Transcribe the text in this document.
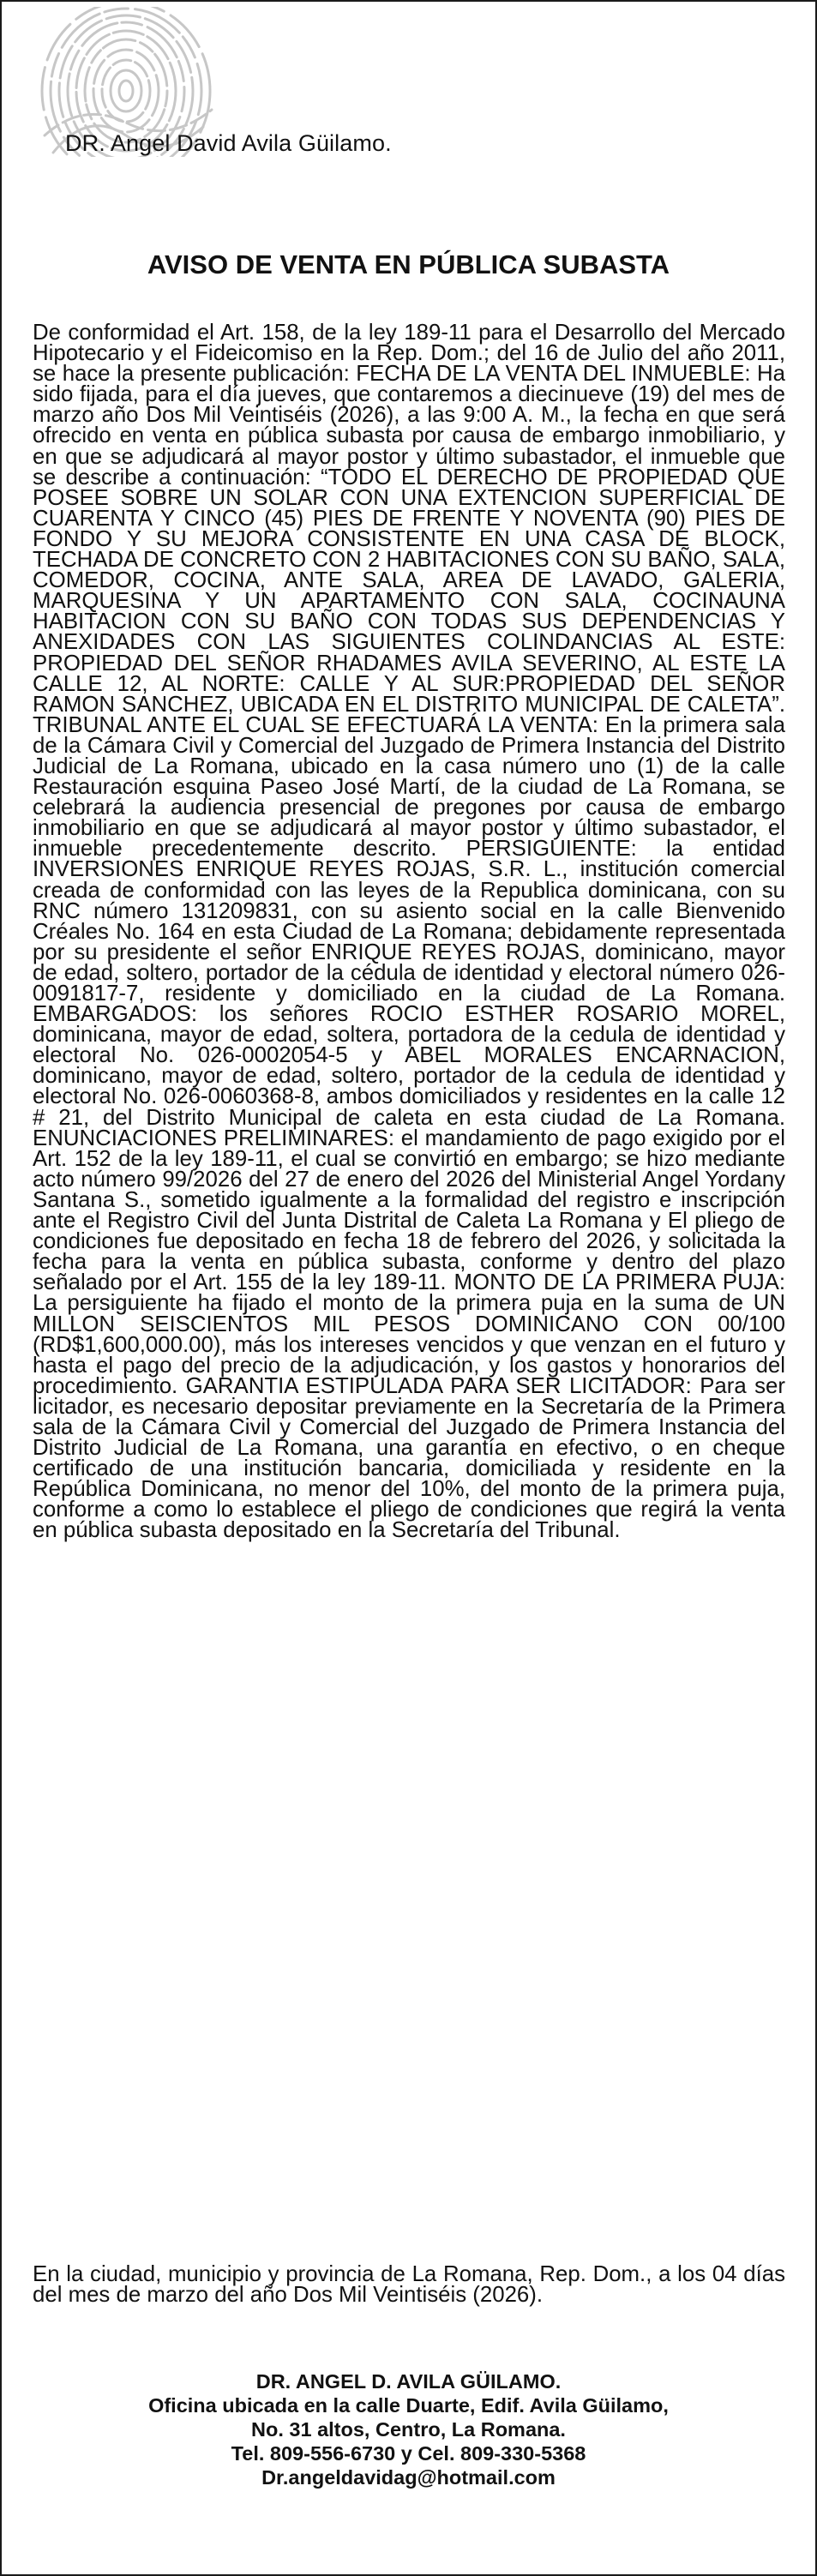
DR. Angel David Avila Güilamo.
AVISO DE VENTA EN PÚBLICA SUBASTA
De conformidad el Art. 158, de la ley 189-11 para el Desarrollo del Mercado Hipotecario y el Fideicomiso en la Rep. Dom.; del 16 de Julio del año 2011, se hace la presente publicación: FECHA DE LA VENTA DEL INMUEBLE: Ha sido fijada, para el día jueves, que contaremos a diecinueve (19) del mes de marzo año Dos Mil Veintiséis (2026), a las 9:00 A. M., la fecha en que será ofrecido en venta en pública subasta por causa de embargo inmobiliario, y en que se adjudicará al mayor postor y último subastador, el inmueble que se describe a continuación: “TODO EL DERECHO DE PROPIEDAD QUE POSEE SOBRE UN SOLAR CON UNA EXTENCION SUPERFICIAL DE CUARENTA Y CINCO (45) PIES DE FRENTE Y NOVENTA (90) PIES DE FONDO Y SU MEJORA CONSISTENTE EN UNA CASA DE BLOCK, TECHADA DE CONCRETO CON 2 HABITACIONES CON SU BAÑO, SALA, COMEDOR, COCINA, ANTE SALA, AREA DE LAVADO, GALERIA, MARQUESINA Y UN APARTAMENTO CON SALA, COCINAUNA HABITACION CON SU BAÑO CON TODAS SUS DEPENDENCIAS Y ANEXIDADES CON LAS SIGUIENTES COLINDANCIAS AL ESTE: PROPIEDAD DEL SEÑOR RHADAMES AVILA SEVERINO, AL ESTE LA CALLE 12, AL NORTE: CALLE Y AL SUR:PROPIEDAD DEL SEÑOR RAMON SANCHEZ, UBICADA EN EL DISTRITO MUNICIPAL DE CALETA”. TRIBUNAL ANTE EL CUAL SE EFECTUARÁ LA VENTA: En la primera sala de la Cámara Civil y Comercial del Juzgado de Primera Instancia del Distrito Judicial de La Romana, ubicado en la casa número uno (1) de la calle Restauración esquina Paseo José Martí, de la ciudad de La Romana, se celebrará la audiencia presencial de pregones por causa de embargo inmobiliario en que se adjudicará al mayor postor y último subastador, el inmueble precedentemente descrito. PERSIGUIENTE: la entidad INVERSIONES ENRIQUE REYES ROJAS, S.R. L., institución comercial creada de conformidad con las leyes de la Republica dominicana, con su RNC número 131209831, con su asiento social en la calle Bienvenido Créales No. 164 en esta Ciudad de La Romana; debidamente representada por su presidente el señor ENRIQUE REYES ROJAS, dominicano, mayor de edad, soltero, portador de la cédula de identidad y electoral número 026-0091817-7, residente y domiciliado en la ciudad de La Romana. EMBARGADOS: los señores ROCIO ESTHER ROSARIO MOREL, dominicana, mayor de edad, soltera, portadora de la cedula de identidad y electoral No. 026-0002054-5 y ABEL MORALES ENCARNACION, dominicano, mayor de edad, soltero, portador de la cedula de identidad y electoral No. 026-0060368-8, ambos domiciliados y residentes en la calle 12 # 21, del Distrito Municipal de caleta en esta ciudad de La Romana. ENUNCIACIONES PRELIMINARES: el mandamiento de pago exigido por el Art. 152 de la ley 189-11, el cual se convirtió en embargo; se hizo mediante acto número 99/2026 del 27 de enero del 2026 del Ministerial Angel Yordany Santana S., sometido igualmente a la formalidad del registro e inscripción ante el Registro Civil del Junta Distrital de Caleta La Romana y El pliego de condiciones fue depositado en fecha 18 de febrero del 2026, y solicitada la fecha para la venta en pública subasta, conforme y dentro del plazo señalado por el Art. 155 de la ley 189-11. MONTO DE LA PRIMERA PUJA: La persiguiente ha fijado el monto de la primera puja en la suma de UN MILLON SEISCIENTOS MIL PESOS DOMINICANO CON 00/100 (RD$1,600,000.00), más los intereses vencidos y que venzan en el futuro y hasta el pago del precio de la adjudicación, y los gastos y honorarios del procedimiento. GARANTIA ESTIPULADA PARA SER LICITADOR: Para ser licitador, es necesario depositar previamente en la Secretaría de la Primera sala de la Cámara Civil y Comercial del Juzgado de Primera Instancia del Distrito Judicial de La Romana, una garantía en efectivo, o en cheque certificado de una institución bancaria, domiciliada y residente en la República Dominicana, no menor del 10%, del monto de la primera puja, conforme a como lo establece el pliego de condiciones que regirá la venta en pública subasta depositado en la Secretaría del Tribunal.
En la ciudad, municipio y provincia de La Romana, Rep. Dom., a los 04 días del mes de marzo del año Dos Mil Veintiséis (2026).
DR. ANGEL D. AVILA GÜILAMO.
Oficina ubicada en la calle Duarte, Edif. Avila Güilamo,
No. 31 altos, Centro, La Romana.
Tel. 809-556-6730 y Cel. 809-330-5368
Dr.angeldavidag@hotmail.com
